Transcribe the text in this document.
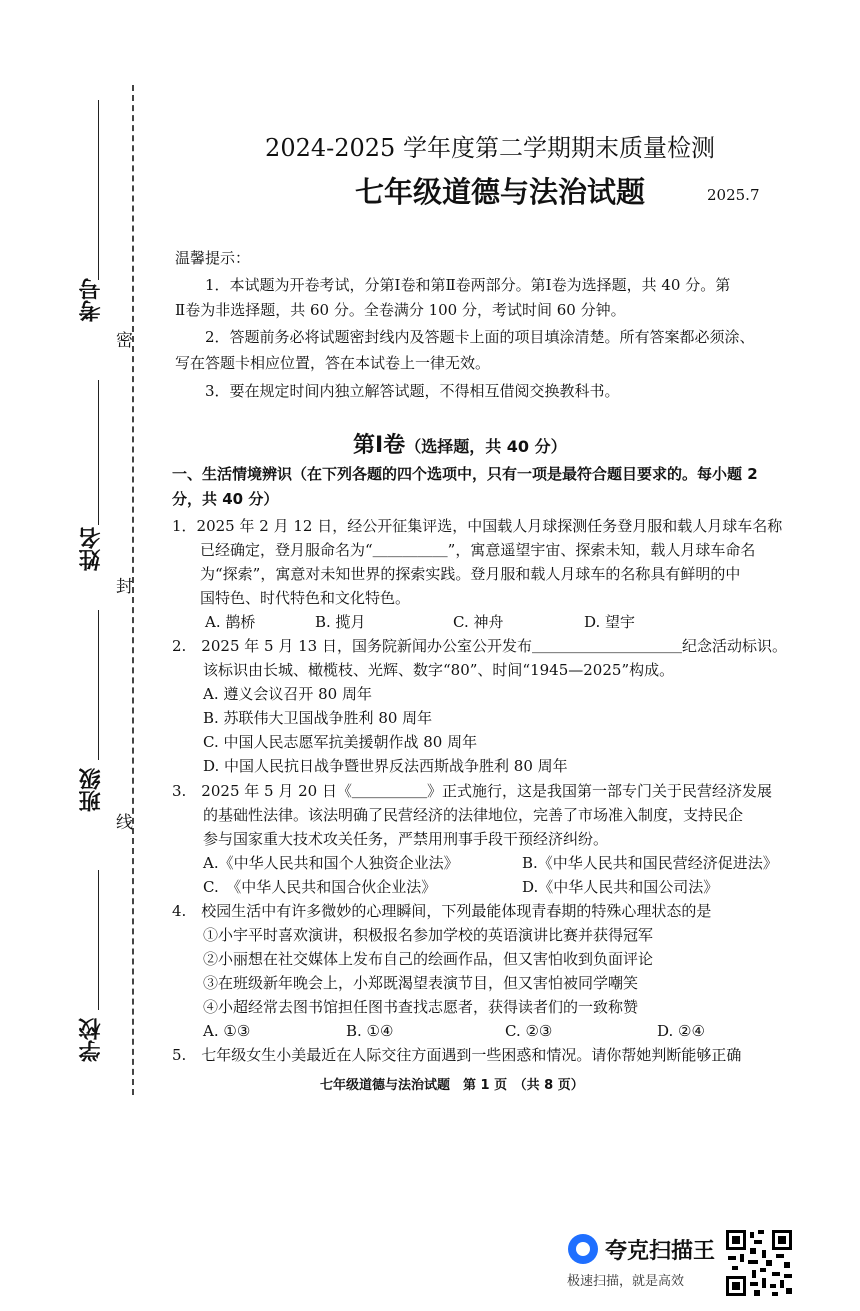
考号
姓名
班级
学校
密
封
线
2024-2025 学年度第二学期期末质量检测
七年级道德与法治试题	2025.7
温馨提示：
1．本试题为开卷考试，分第Ⅰ卷和第Ⅱ卷两部分。第Ⅰ卷为选择题，共 40 分。第
Ⅱ卷为非选择题，共 60 分。全卷满分 100 分，考试时间 60 分钟。
2．答题前务必将试题密封线内及答题卡上面的项目填涂清楚。所有答案都必须涂、
写在答题卡相应位置，答在本试卷上一律无效。
3．要在规定时间内独立解答试题，不得相互借阅交换教科书。
第Ⅰ卷（选择题，共 40 分）
一、生活情境辨识（在下列各题的四个选项中，只有一项是最符合题目要求的。每小题 2
分，共 40 分）
1．2025 年 2 月 12 日，经公开征集评选，中国载人月球探测任务登月服和载人月球车名称
已经确定，登月服命名为“＿＿＿＿＿”，寓意遥望宇宙、探索未知，载人月球车命名
为“探索”，寓意对未知世界的探索实践。登月服和载人月球车的名称具有鲜明的中
国特色、时代特色和文化特色。
A. 鹊桥	B. 揽月	C. 神舟	D. 望宇
2.　2025 年 5 月 13 日，国务院新闻办公室公开发布＿＿＿＿＿＿＿＿＿＿纪念活动标识。
该标识由长城、橄榄枝、光辉、数字“80”、时间“1945—2025”构成。
A. 遵义会议召开 80 周年
B. 苏联伟大卫国战争胜利 80 周年
C. 中国人民志愿军抗美援朝作战 80 周年
D. 中国人民抗日战争暨世界反法西斯战争胜利 80 周年
3.　2025 年 5 月 20 日《＿＿＿＿＿》正式施行，这是我国第一部专门关于民营经济发展
的基础性法律。该法明确了民营经济的法律地位，完善了市场准入制度，支持民企
参与国家重大技术攻关任务，严禁用刑事手段干预经济纠纷。
A.《中华人民共和国个人独资企业法》	B.《中华人民共和国民营经济促进法》
C.　《中华人民共和国合伙企业法》	D.《中华人民共和国公司法》
4.　校园生活中有许多微妙的心理瞬间，下列最能体现青春期的特殊心理状态的是
①小宇平时喜欢演讲，积极报名参加学校的英语演讲比赛并获得冠军
②小丽想在社交媒体上发布自己的绘画作品，但又害怕收到负面评论
③在班级新年晚会上，小郑既渴望表演节目，但又害怕被同学嘲笑
④小超经常去图书馆担任图书查找志愿者，获得读者们的一致称赞
A. ①③	B. ①④	C. ②③	D. ②④
5.　七年级女生小美最近在人际交往方面遇到一些困惑和情况。请你帮她判断能够正确
七年级道德与法治试题　第 1 页　（共 8 页）
夸克扫描王
极速扫描，就是高效
